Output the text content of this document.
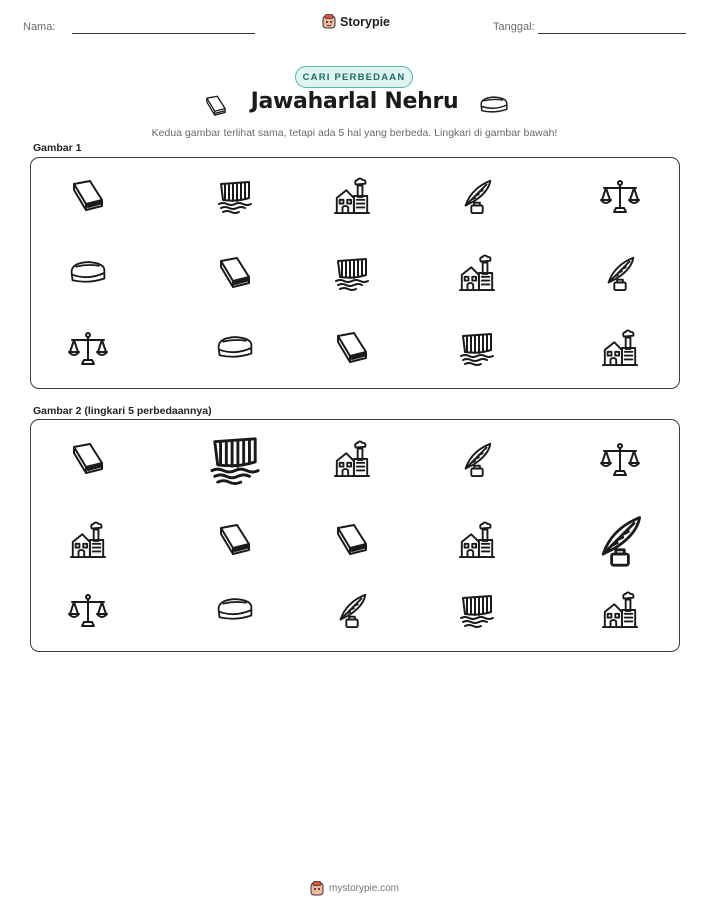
Nama:	Storypie	Tanggal:
CARI PERBEDAAN
Jawaharlal Nehru
Kedua gambar terlihat sama, tetapi ada 5 hal yang berbeda. Lingkari di gambar bawah!
Gambar 1
Gambar 2 (lingkari 5 perbedaannya)
mystorypie.com
